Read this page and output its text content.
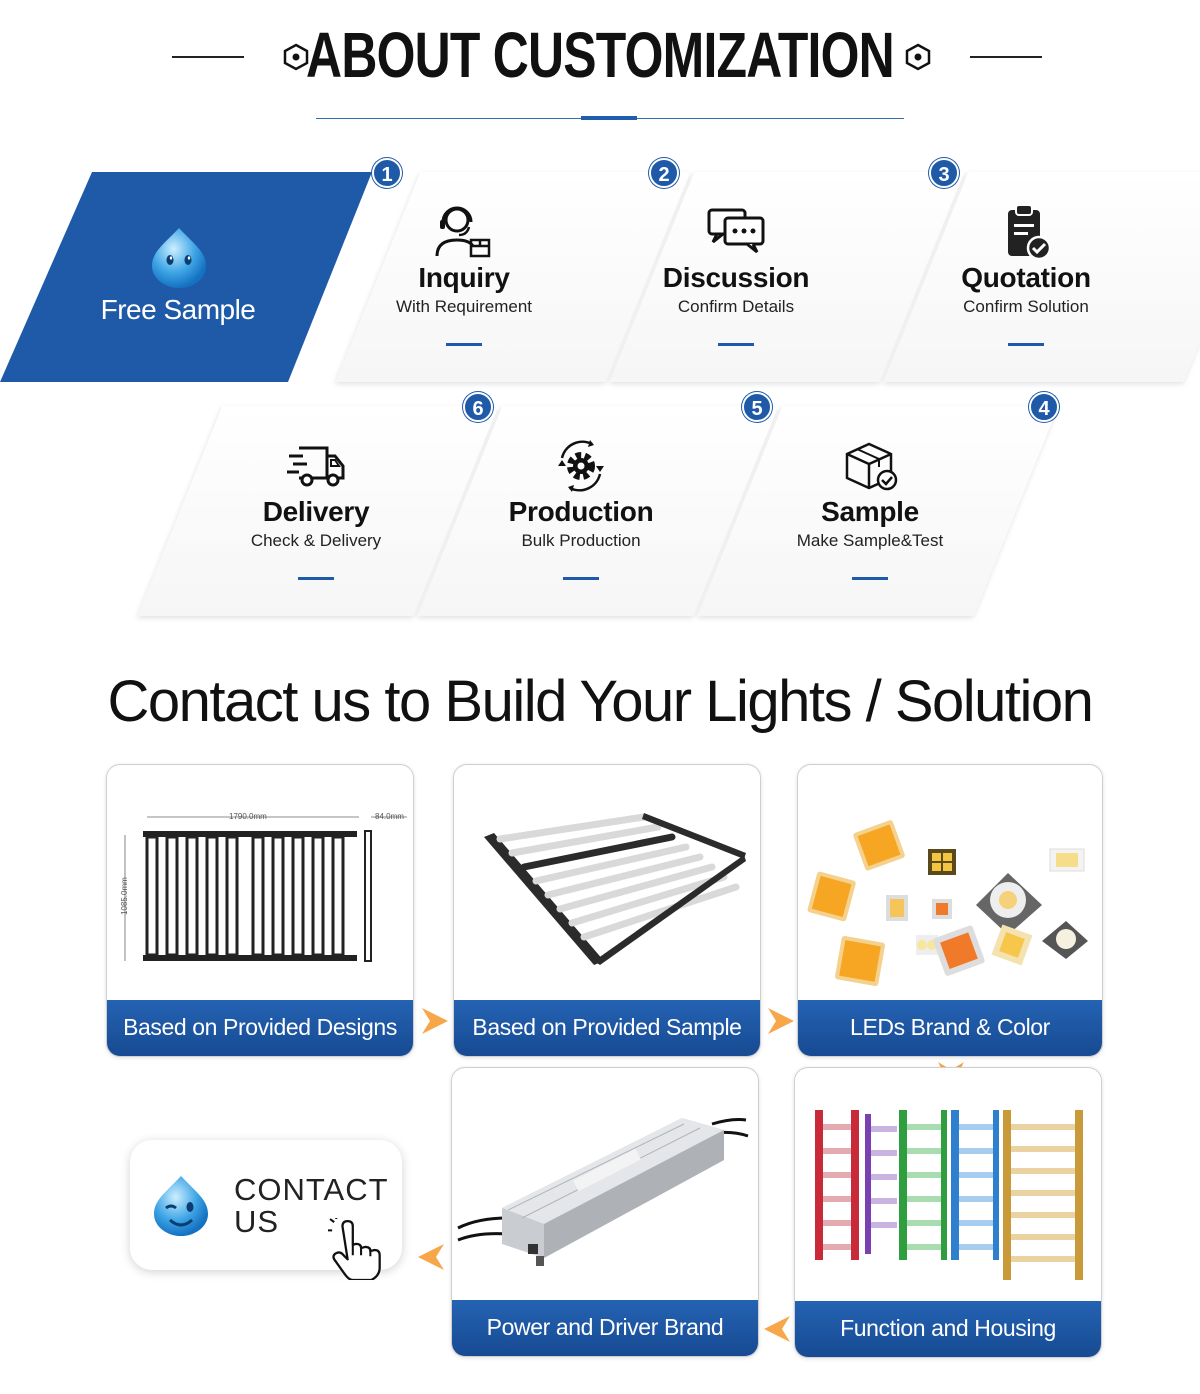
ABOUT CUSTOMIZATION
Free Sample
1	2	3
6	5	4
Inquiry
With Requirement
Discussion
Confirm Details
Quotation
Confirm Solution
Delivery
Check & Delivery
Production
Bulk Production
Sample
Make Sample&Test
Contact us to Build Your Lights / Solution
1790.0mm	84.0mm
1085.0mm
Based on Provided Designs	Based on Provided Sample	LEDs Brand & Color
CONTACT
US
Power and Driver Brand	Function and Housing
